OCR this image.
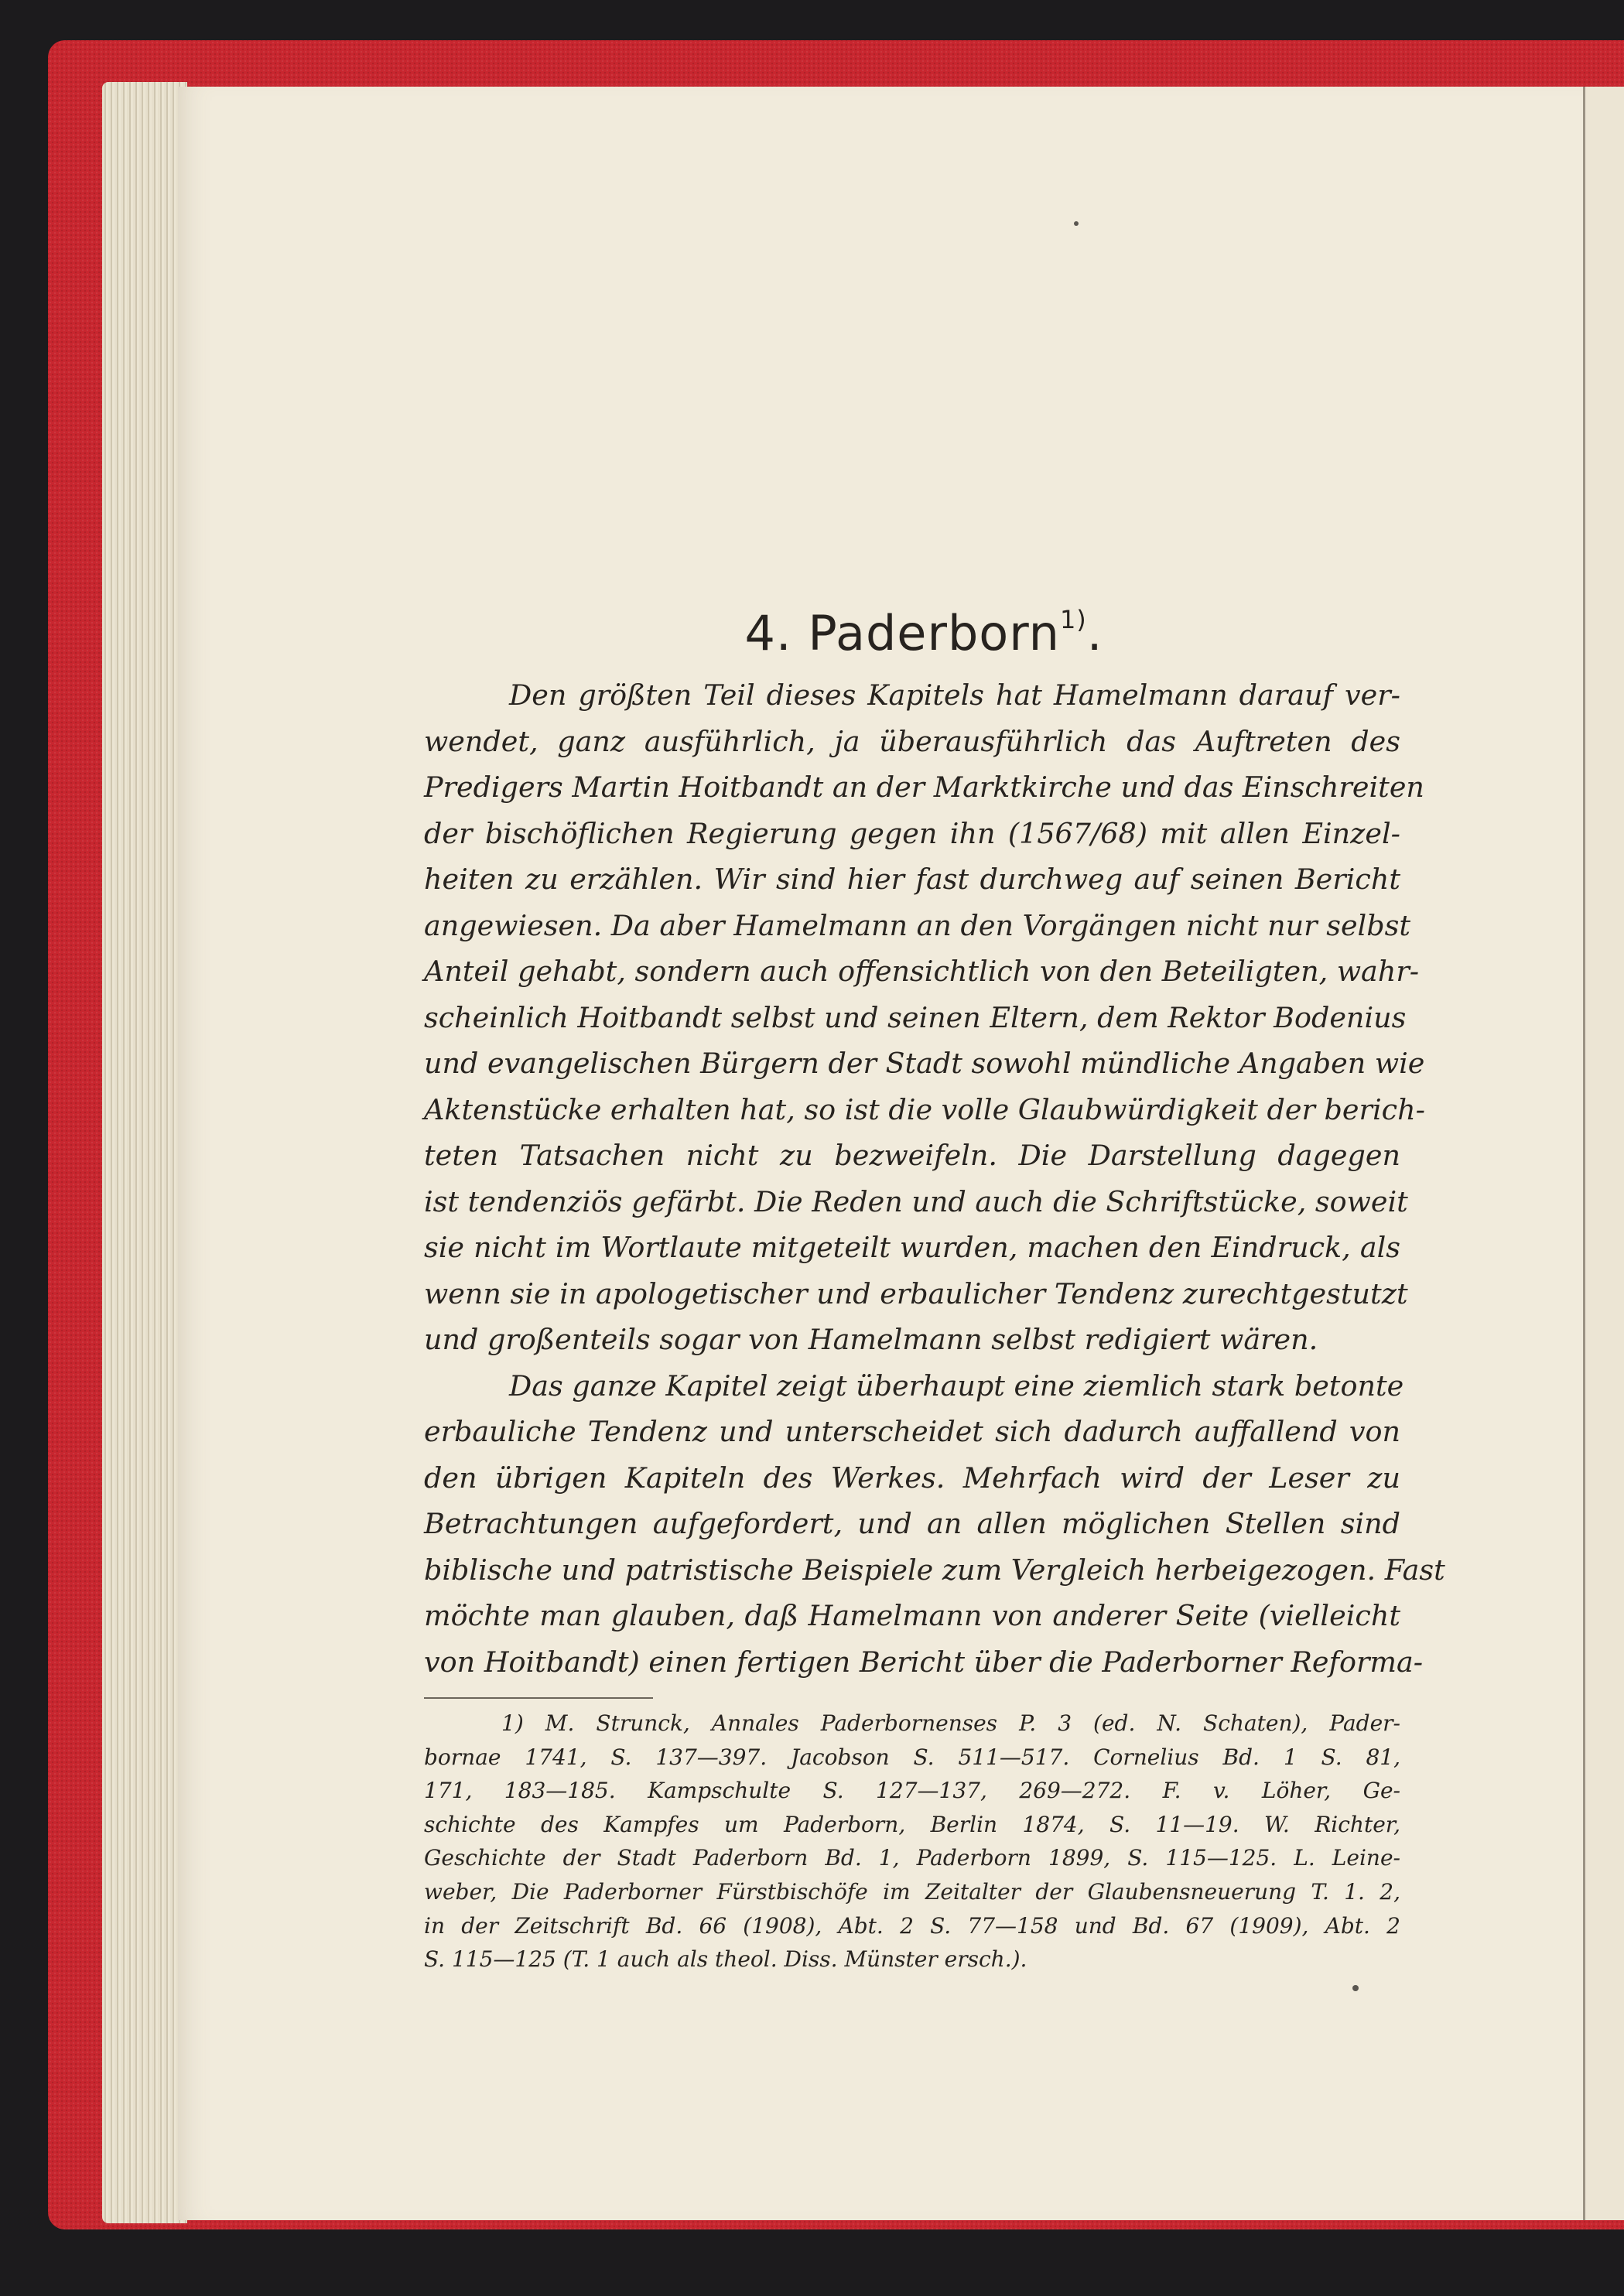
4. Paderborn$^{1)}$.
Den größten Teil dieses Kapitels hat Hamelmann darauf ver-
wendet, ganz ausführlich, ja überausführlich das Auftreten des
Predigers Martin Hoitbandt an der Marktkirche und das Einschreiten
der bischöflichen Regierung gegen ihn (1567/68) mit allen Einzel-
heiten zu erzählen. Wir sind hier fast durchweg auf seinen Bericht
angewiesen. Da aber Hamelmann an den Vorgängen nicht nur selbst
Anteil gehabt, sondern auch offensichtlich von den Beteiligten, wahr-
scheinlich Hoitbandt selbst und seinen Eltern, dem Rektor Bodenius
und evangelischen Bürgern der Stadt sowohl mündliche Angaben wie
Aktenstücke erhalten hat, so ist die volle Glaubwürdigkeit der berich-
teten Tatsachen nicht zu bezweifeln. Die Darstellung dagegen
ist tendenziös gefärbt. Die Reden und auch die Schriftstücke, soweit
sie nicht im Wortlaute mitgeteilt wurden, machen den Eindruck, als
wenn sie in apologetischer und erbaulicher Tendenz zurechtgestutzt
und großenteils sogar von Hamelmann selbst redigiert wären.
Das ganze Kapitel zeigt überhaupt eine ziemlich stark betonte
erbauliche Tendenz und unterscheidet sich dadurch auffallend von
den übrigen Kapiteln des Werkes. Mehrfach wird der Leser zu
Betrachtungen aufgefordert, und an allen möglichen Stellen sind
biblische und patristische Beispiele zum Vergleich herbeigezogen. Fast
möchte man glauben, daß Hamelmann von anderer Seite (vielleicht
von Hoitbandt) einen fertigen Bericht über die Paderborner Reforma-
1) M. Strunck, Annales Paderbornenses P. 3 (ed. N. Schaten), Pader-
bornae 1741, S. 137—397. Jacobson S. 511—517. Cornelius Bd. 1 S. 81,
171, 183—185. Kampschulte S. 127—137, 269—272. F. v. Löher, Ge-
schichte des Kampfes um Paderborn, Berlin 1874, S. 11—19. W. Richter,
Geschichte der Stadt Paderborn Bd. 1, Paderborn 1899, S. 115—125. L. Leine-
weber, Die Paderborner Fürstbischöfe im Zeitalter der Glaubensneuerung T. 1. 2,
in der Zeitschrift Bd. 66 (1908), Abt. 2 S. 77—158 und Bd. 67 (1909), Abt. 2
S. 115—125 (T. 1 auch als theol. Diss. Münster ersch.).
